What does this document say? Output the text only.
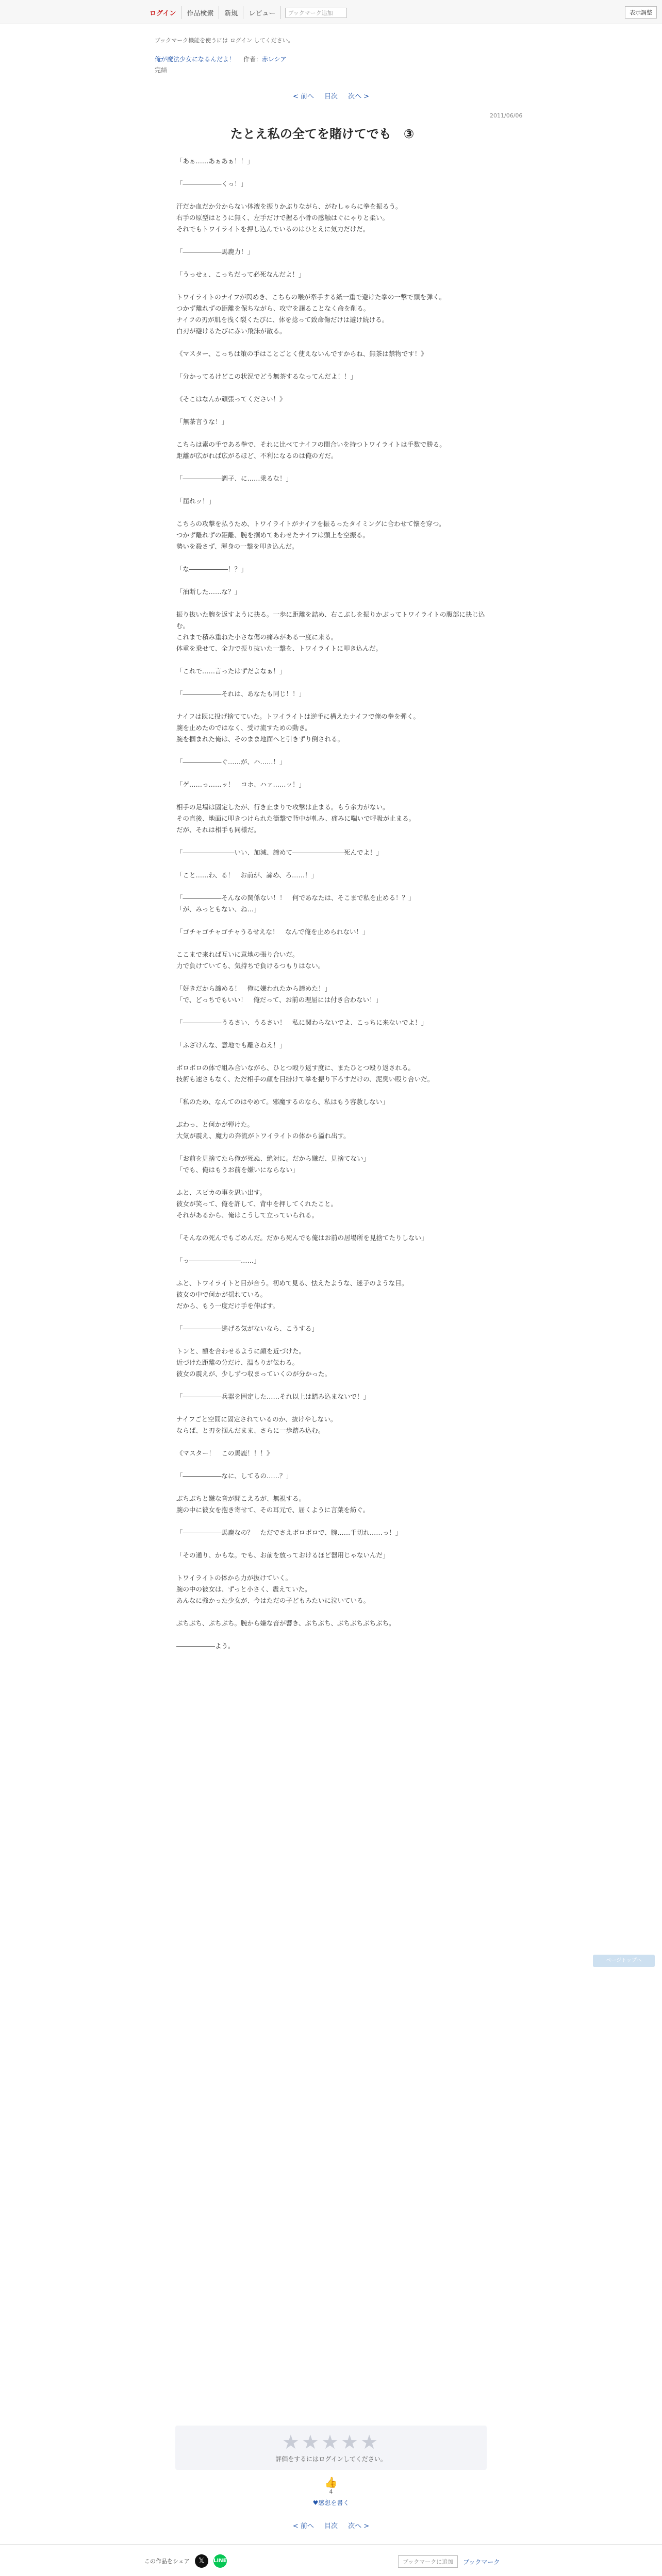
ログイン	作品検索	新規	レビュー	ブックマーク追加	表示調整
ブックマーク機能を使うには ログイン してください。
俺が魔法少女になるんだよ！ 作者：赤レシア
完結
< 前へ 目次 次へ >
2011/06/06
たとえ私の全てを賭けてでも　③

「あぁ……あぁあぁ！！」

「――――――くっ！」

汗だか血だか分からない体液を振りかぶりながら、がむしゃらに拳を振るう。
右手の原型はとうに無く、左手だけで握る小骨の感触はぐにゃりと柔い。
それでもトワイライトを押し込んでいるのはひとえに気力だけだ。

「――――――馬鹿力！」

「うっせぇ、こっちだって必死なんだよ！」

トワイライトのナイフが閃めき、こちらの喉が牽手する紙一重で避けた拳の一撃で頭を弾く。
つかず離れずの距離を保ちながら、攻守を譲ることなく命を削る。
ナイフの刃が肌を浅く裂くたびに、体を捻って致命傷だけは避け続ける。
白刃が避けるたびに赤い飛沫が散る。

《マスター、こっちは策の手はことごとく使えないんですからね、無茶は禁物です！》

「分かってるけどこの状況でどう無茶するなってんだよ！！」

《そこはなんか頑張ってください！》

「無茶言うな！」

こちらは素の手である拳で、それに比べてナイフの間合いを持つトワイライトは手数で勝る。
距離が広がれば広がるほど、不利になるのは俺の方だ。

「――――――調子、に……乗るな！」

「届れッ！」

こちらの攻撃を払うため、トワイライトがナイフを振るったタイミングに合わせて懐を穿つ。
つかず離れずの距離、腕を掴めてあわせたナイフは頭上を空振る。
勢いを殺さず、渾身の一撃を叩き込んだ。

「な――――――！？」

「油断した……な？」

振り抜いた腕を返すように抉る。一歩に距離を詰め、右こぶしを振りかぶってトワイライトの腹部に抉じ込む。
これまで積み重ねた小さな傷の痛みがある一度に来る。
体重を乗せて、全力で振り抜いた一撃を、トワイライトに叩き込んだ。

「これで……言ったはずだよなぁ！」

「――――――それは、あなたも同じ！！」

ナイフは既に投げ捨てていた。トワイライトは逆手に構えたナイフで俺の拳を弾く。
腕を止めたのではなく、受け流すための動き。
腕を掴まれた俺は、そのまま地面へと引きずり倒される。

「――――――ぐ……が、ハ……！」

「ゲ……っ……ッ！　コホ、ハァ……ッ！」

相手の足場は固定したが、行き止まりで攻撃は止まる。もう余力がない。
その直後、地面に叩きつけられた衝撃で背中が軋み、痛みに喘いで呼吸が止まる。
だが、それは相手も同様だ。

「――――――――いい、加減、諦めて――――――――死んでよ！」

「こと……わ、る！　お前が、諦め、ろ……！」

「――――――そんなの関係ない！！　何であなたは、そこまで私を止める！？」
「が、みっともない、ね…」

「ゴチャゴチャゴチャうるせえな！　なんで俺を止められない！」

ここまで来れば互いに意地の張り合いだ。
力で負けていても、気持ちで負けるつもりはない。

「好きだから諦める！　俺に嫌われたから諦めた！」
「で、どっちでもいい！　俺だって、お前の理屈には付き合わない！」

「――――――うるさい、うるさい！　私に関わらないでよ、こっちに来ないでよ！」

「ふざけんな、意地でも離さねえ！」

ボロボロの体で組み合いながら、ひとつ殴り返す度に、またひとつ殴り返される。
技術も速さもなく、ただ相手の顔を目掛けて拳を振り下ろすだけの、泥臭い殴り合いだ。

「私のため、なんてのはやめて。邪魔するのなら、私はもう容赦しない」

ぶわっ、と何かが弾けた。
大気が震え、魔力の奔流がトワイライトの体から溢れ出す。

「お前を見捨てたら俺が死ぬ、絶対に。だから嫌だ、見捨てない」
「でも、俺はもうお前を嫌いにならない」

ふと、スピカの事を思い出す。
彼女が笑って、俺を許して、背中を押してくれたこと。
それがあるから、俺はこうして立っていられる。

「そんなの死んでもごめんだ。だから死んでも俺はお前の居場所を見捨てたりしない」

「っ――――――――……」

ふと、トワイライトと目が合う。初めて見る、怯えたような、迷子のような目。
彼女の中で何かが揺れている。
だから、もう一度だけ手を伸ばす。

「――――――逃げる気がないなら、こうする」

トンと、額を合わせるように顔を近づけた。
近づけた距離の分だけ、温もりが伝わる。
彼女の震えが、少しずつ収まっていくのが分かった。

「――――――兵器を固定した……それ以上は踏み込まないで！」

ナイフごと空間に固定されているのか、抜けやしない。
ならば、と刃を掴んだまま、さらに一歩踏み込む。

《マスター！　この馬鹿！！！》

「――――――なに、してるの……？」

ぶちぶちと嫌な音が聞こえるが、無視する。
腕の中に彼女を抱き寄せて、その耳元で、届くように言葉を紡ぐ。

「――――――馬鹿なの？　ただでさえボロボロで、腕……千切れ……っ！」

「その通り、かもな。でも、お前を放っておけるほど器用じゃないんだ」

トワイライトの体から力が抜けていく。
腕の中の彼女は、ずっと小さく、震えていた。
あんなに強かった少女が、今はただの子どもみたいに泣いている。

ぶちぶち、ぶちぶち。腕から嫌な音が響き、ぶちぶち、ぶちぶちぶちぶち。

――――――よう。

★★★★★
評価をするにはログインしてください。
👍
4
♥感想を書く
< 前へ 目次 次へ >
この作品をシェア	𝕏	LINE	ブックマークに追加	ブックマーク
ページトップへ
